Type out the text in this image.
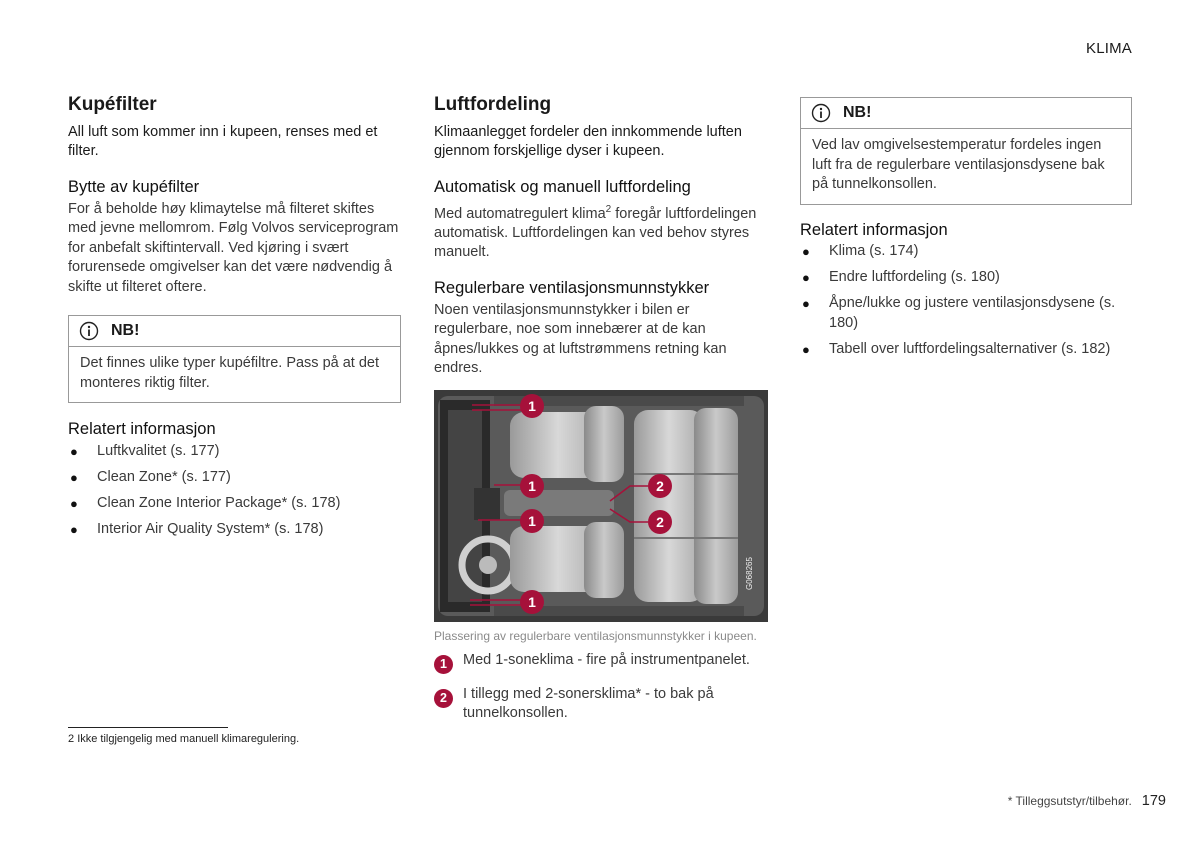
KLIMA
Kupéfilter

All luft som kommer inn i kupeen, renses med et filter.

Bytte av kupéfilter

For å beholde høy klimaytelse må filteret skiftes med jevne mellomrom. Følg Volvos serviceprogram for anbefalt skiftintervall. Ved kjøring i svært forurensede omgivelser kan det være nødvendig å skifte ut filteret oftere.

NB!
Det finnes ulike typer kupéfiltre. Pass på at det monteres riktig filter.
Relatert informasjon
● Luftkvalitet (s. 177)
● Clean Zone* (s. 177)
● Clean Zone Interior Package* (s. 178)
● Interior Air Quality System* (s. 178)
Luftfordeling

Klimaanlegget fordeler den innkommende luften gjennom forskjellige dyser i kupeen.

Automatisk og manuell luftfordeling

Med automatregulert klima$^2$ foregår luftfordelingen automatisk. Luftfordelingen kan ved behov styres manuelt.

Regulerbare ventilasjonsmunnstykker

Noen ventilasjonsmunnstykker i bilen er regulerbare, noe som innebærer at de kan åpnes/lukkes og at luftstrømmens retning kan endres.

1
1
1
1
2
2
G068265
Plassering av regulerbare ventilasjonsmunnstykker i kupeen.
1	Med 1-soneklima - fire på instrumentpanelet.
2	I tillegg med 2-sonersklima* - to bak på tunnelkonsollen.
NB!
Ved lav omgivelsestemperatur fordeles ingen luft fra de regulerbare ventilasjonsdysene bak på tunnelkonsollen.
Relatert informasjon
● Klima (s. 174)
● Endre luftfordeling (s. 180)
● Åpne/lukke og justere ventilasjonsdysene (s. 180)
● Tabell over luftfordelingsalternativer (s. 182)
2 Ikke tilgjengelig med manuell klimaregulering.
* Tilleggsutstyr/tilbehør. 179
